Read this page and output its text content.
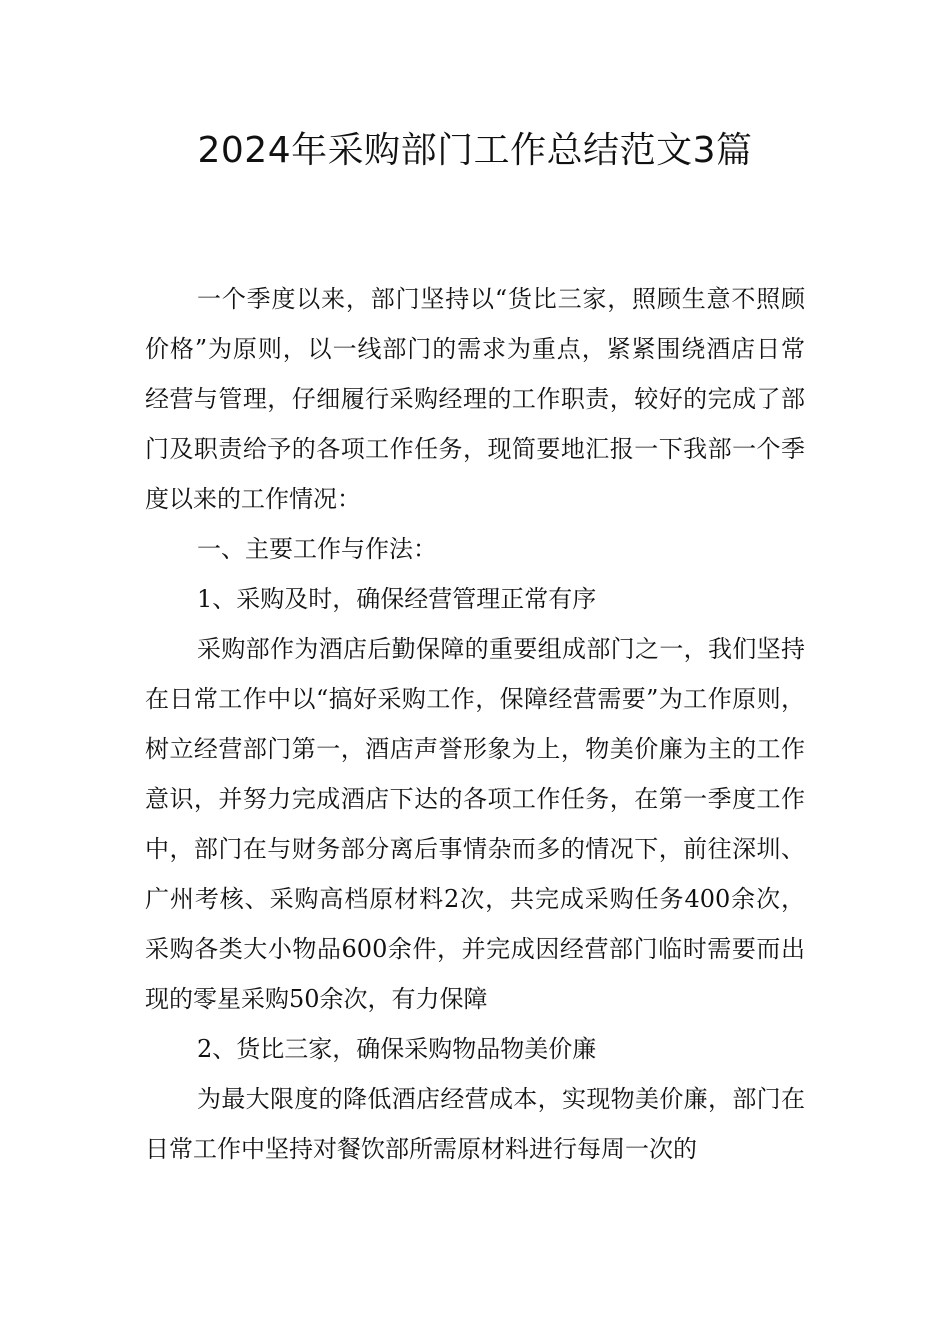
2024年采购部门工作总结范文3篇

一个季度以来，部门坚持以“货比三家，照顾生意不照顾价格”为原则，以一线部门的需求为重点，紧紧围绕酒店日常经营与管理，仔细履行采购经理的工作职责，较好的完成了部门及职责给予的各项工作任务，现简要地汇报一下我部一个季度以来的工作情况：

一、主要工作与作法：

1、采购及时，确保经营管理正常有序

采购部作为酒店后勤保障的重要组成部门之一，我们坚持在日常工作中以“搞好采购工作，保障经营需要”为工作原则，树立经营部门第一，酒店声誉形象为上，物美价廉为主的工作意识，并努力完成酒店下达的各项工作任务，在第一季度工作中，部门在与财务部分离后事情杂而多的情况下，前往深圳、广州考核、采购高档原材料2次，共完成采购任务400余次，采购各类大小物品600余件，并完成因经营部门临时需要而出现的零星采购50余次，有力保障

2、货比三家，确保采购物品物美价廉

为最大限度的降低酒店经营成本，实现物美价廉，部门在日常工作中坚持对餐饮部所需原材料进行每周一次的
